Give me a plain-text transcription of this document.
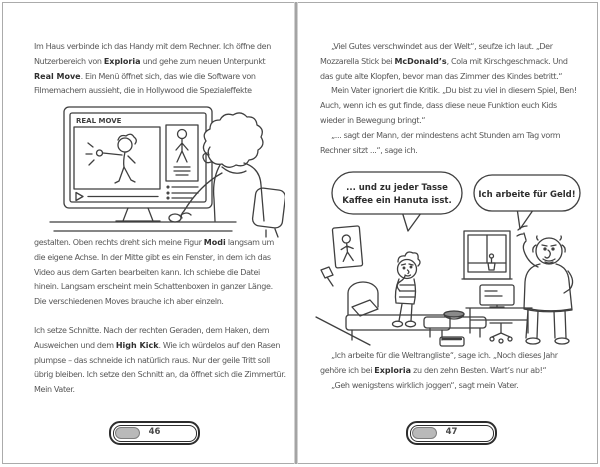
Im Haus verbinde ich das Handy mit dem Rechner. Ich öffne den Nutzerbereich von Exploria und gehe zum neuen Unterpunkt Real Move. Ein Menü öffnet sich, das wie die Software von Filmemachern aussieht, die in Hollywood die Spezialeffekte

REAL MOVE

gestalten. Oben rechts dreht sich meine Figur Modi langsam um die eigene Achse. In der Mitte gibt es ein Fenster, in dem ich das Video aus dem Garten bearbeiten kann. Ich schiebe die Datei hinein. Langsam erscheint mein Schattenboxen in ganzer Länge. Die verschiedenen Moves brauche ich aber einzeln.

Ich setze Schnitte. Nach der rechten Geraden, dem Haken, dem Ausweichen und dem High Kick. Wie ich würdelos auf den Rasen plumpse – das schneide ich natürlich raus. Nur der geile Tritt soll übrig bleiben. Ich setze den Schnitt an, da öffnet sich die Zimmertür. Mein Vater.

46

„Viel Gutes verschwindet aus der Welt“, seufze ich laut. „Der Mozzarella Stick bei McDonald’s, Cola mit Kirschgeschmack. Und das gute alte Klopfen, bevor man das Zimmer des Kindes betritt.“

Mein Vater ignoriert die Kritik. „Du bist zu viel in diesem Spiel, Ben! Auch, wenn ich es gut finde, dass diese neue Funktion euch Kids wieder in Bewegung bringt.“

„... sagt der Mann, der mindestens acht Stunden am Tag vorm Rechner sitzt ...“, sage ich.

... und zu jeder Tasse
Kaffee ein Hanuta isst.
Ich arbeite für Geld!

„Ich arbeite für die Weltrangliste“, sage ich. „Noch dieses Jahr gehöre ich bei Exploria zu den zehn Besten. Wart’s nur ab!“

„Geh wenigstens wirklich joggen“, sagt mein Vater.

47
